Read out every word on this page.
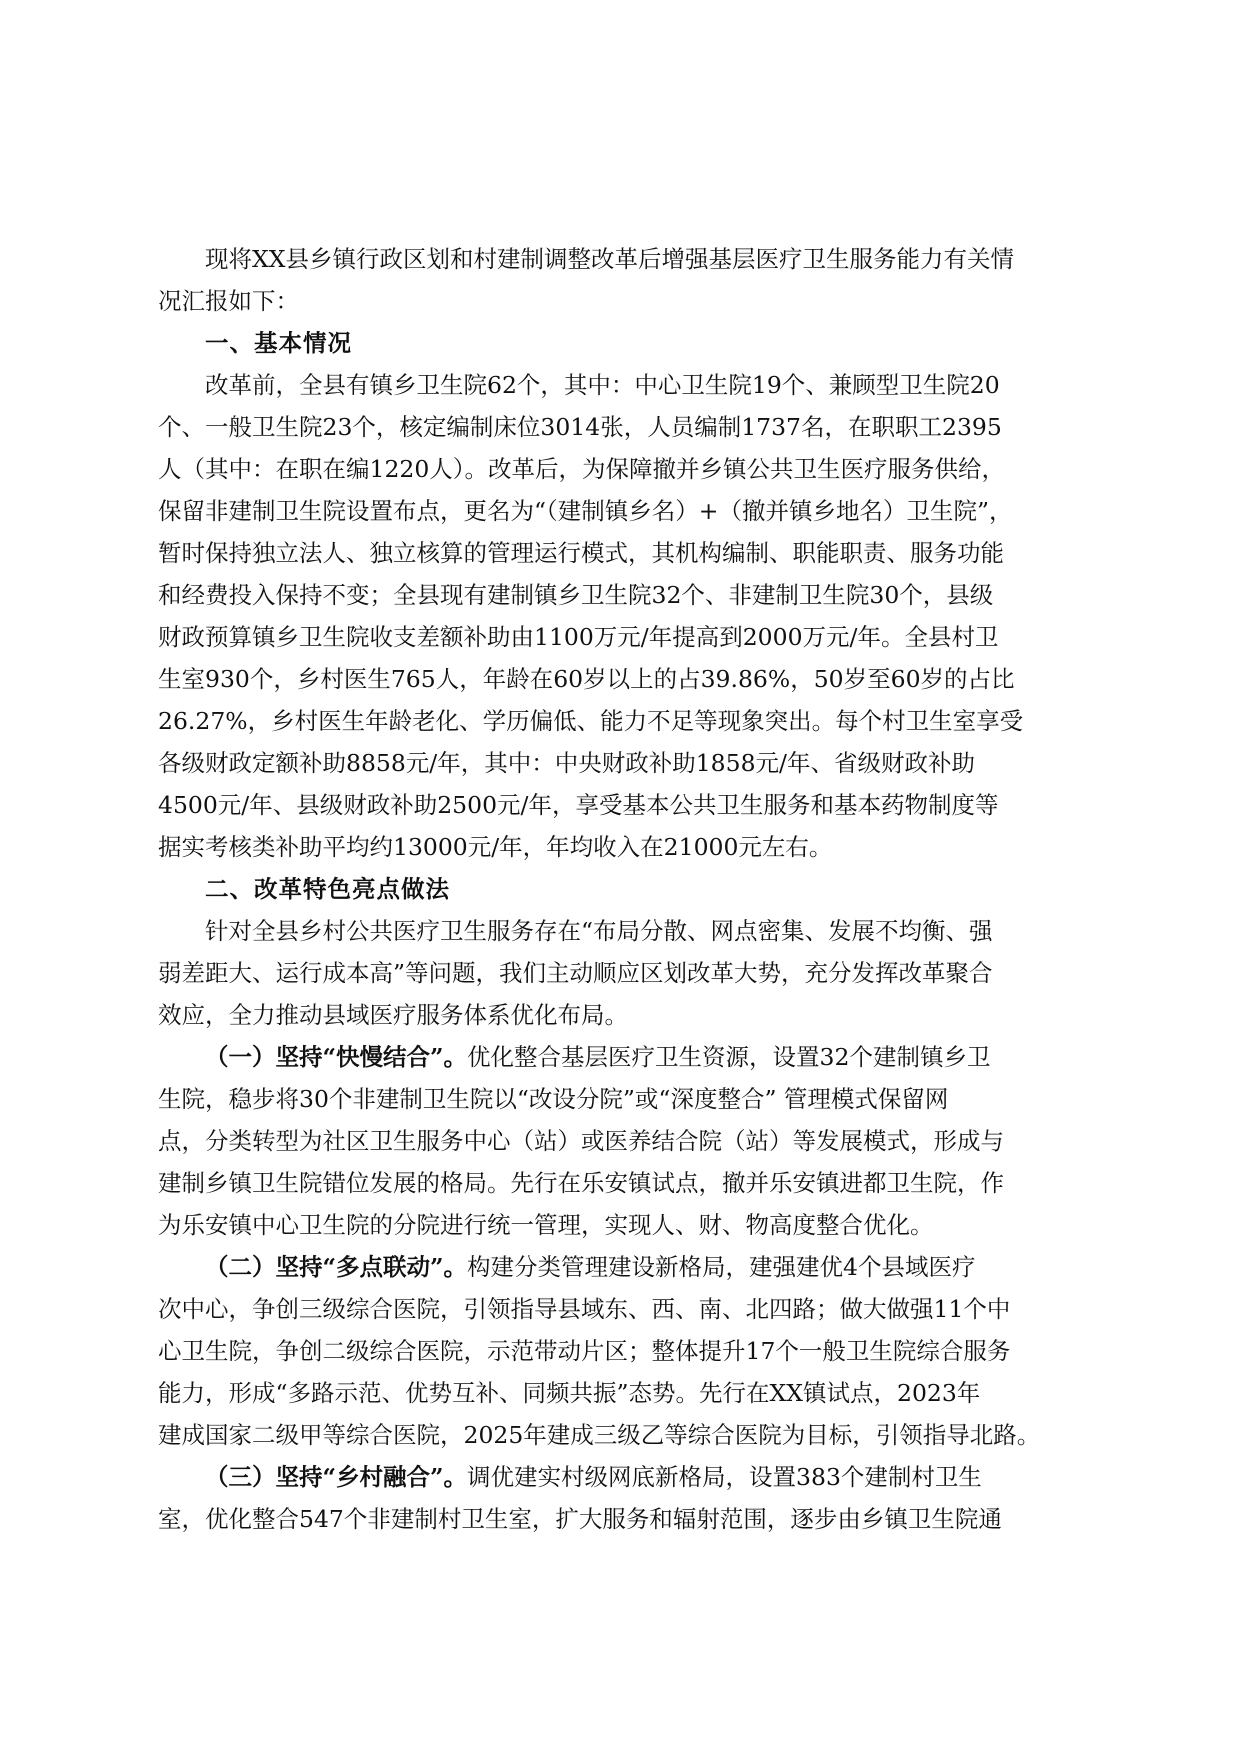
现将XX县乡镇行政区划和村建制调整改革后增强基层医疗卫生服务能力有关情
况汇报如下：

一、基本情况

改革前，全县有镇乡卫生院62个，其中：中心卫生院19个、兼顾型卫生院20
个、一般卫生院23个，核定编制床位3014张，人员编制1737名，在职职工2395
人（其中：在职在编1220人）。改革后，为保障撤并乡镇公共卫生医疗服务供给，
保留非建制卫生院设置布点，更名为“（建制镇乡名）+（撤并镇乡地名）卫生院”，
暂时保持独立法人、独立核算的管理运行模式，其机构编制、职能职责、服务功能
和经费投入保持不变；全县现有建制镇乡卫生院32个、非建制卫生院30个，县级
财政预算镇乡卫生院收支差额补助由1100万元/年提高到2000万元/年。全县村卫
生室930个，乡村医生765人，年龄在60岁以上的占39.86%，50岁至60岁的占比
26.27%，乡村医生年龄老化、学历偏低、能力不足等现象突出。每个村卫生室享受
各级财政定额补助8858元/年，其中：中央财政补助1858元/年、省级财政补助
4500元/年、县级财政补助2500元/年，享受基本公共卫生服务和基本药物制度等
据实考核类补助平均约13000元/年，年均收入在21000元左右。

二、改革特色亮点做法

针对全县乡村公共医疗卫生服务存在“布局分散、网点密集、发展不均衡、强
弱差距大、运行成本高”等问题，我们主动顺应区划改革大势，充分发挥改革聚合
效应，全力推动县域医疗服务体系优化布局。

（一）坚持“快慢结合”。优化整合基层医疗卫生资源，设置32个建制镇乡卫
生院，稳步将30个非建制卫生院以“改设分院”或“深度整合” 管理模式保留网
点，分类转型为社区卫生服务中心（站）或医养结合院（站）等发展模式，形成与
建制乡镇卫生院错位发展的格局。先行在乐安镇试点，撤并乐安镇进都卫生院，作
为乐安镇中心卫生院的分院进行统一管理，实现人、财、物高度整合优化。

（二）坚持“多点联动”。构建分类管理建设新格局，建强建优4个县域医疗
次中心，争创三级综合医院，引领指导县域东、西、南、北四路；做大做强11个中
心卫生院，争创二级综合医院，示范带动片区；整体提升17个一般卫生院综合服务
能力，形成“多路示范、优势互补、同频共振”态势。先行在XX镇试点，2023年
建成国家二级甲等综合医院，2025年建成三级乙等综合医院为目标，引领指导北路。

（三）坚持“乡村融合”。调优建实村级网底新格局，设置383个建制村卫生
室，优化整合547个非建制村卫生室，扩大服务和辐射范围，逐步由乡镇卫生院通
